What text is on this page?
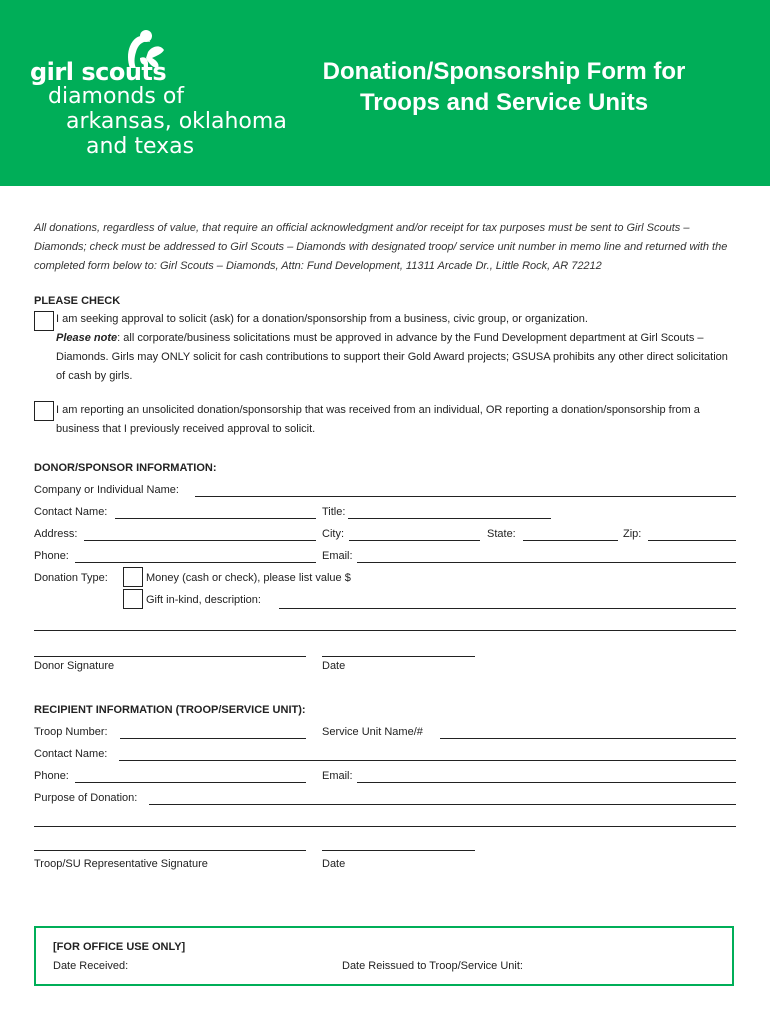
girl scouts
diamonds of
arkansas, oklahoma
and texas
Donation/Sponsorship Form for
Troops and Service Units
All donations, regardless of value, that require an official acknowledgment and/or receipt for tax purposes must be sent to Girl Scouts – Diamonds; check must be addressed to Girl Scouts – Diamonds with designated troop/ service unit number in memo line and returned with the completed form below to: Girl Scouts – Diamonds, Attn: Fund Development, 11311 Arcade Dr., Little Rock, AR 72212
PLEASE CHECK
I am seeking approval to solicit (ask) for a donation/sponsorship from a business, civic group, or organization.
Please note: all corporate/business solicitations must be approved in advance by the Fund Development department at Girl Scouts – Diamonds. Girls may ONLY solicit for cash contributions to support their Gold Award projects; GSUSA prohibits any other direct solicitation of cash by girls.
I am reporting an unsolicited donation/sponsorship that was received from an individual, OR reporting a donation/sponsorship from a business that I previously received approval to solicit.
DONOR/SPONSOR INFORMATION:
Company or Individual Name:
Contact Name:	Title:
Address:	City:	State:	Zip:
Phone:	Email:
Donation Type:	Money (cash or check), please list value $
Gift in-kind, description:
Donor Signature	Date
RECIPIENT INFORMATION (TROOP/SERVICE UNIT):
Troop Number:	Service Unit Name/#
Contact Name:
Phone:	Email:
Purpose of Donation:
Troop/SU Representative Signature	Date
[FOR OFFICE USE ONLY]
Date Received:	Date Reissued to Troop/Service Unit:
